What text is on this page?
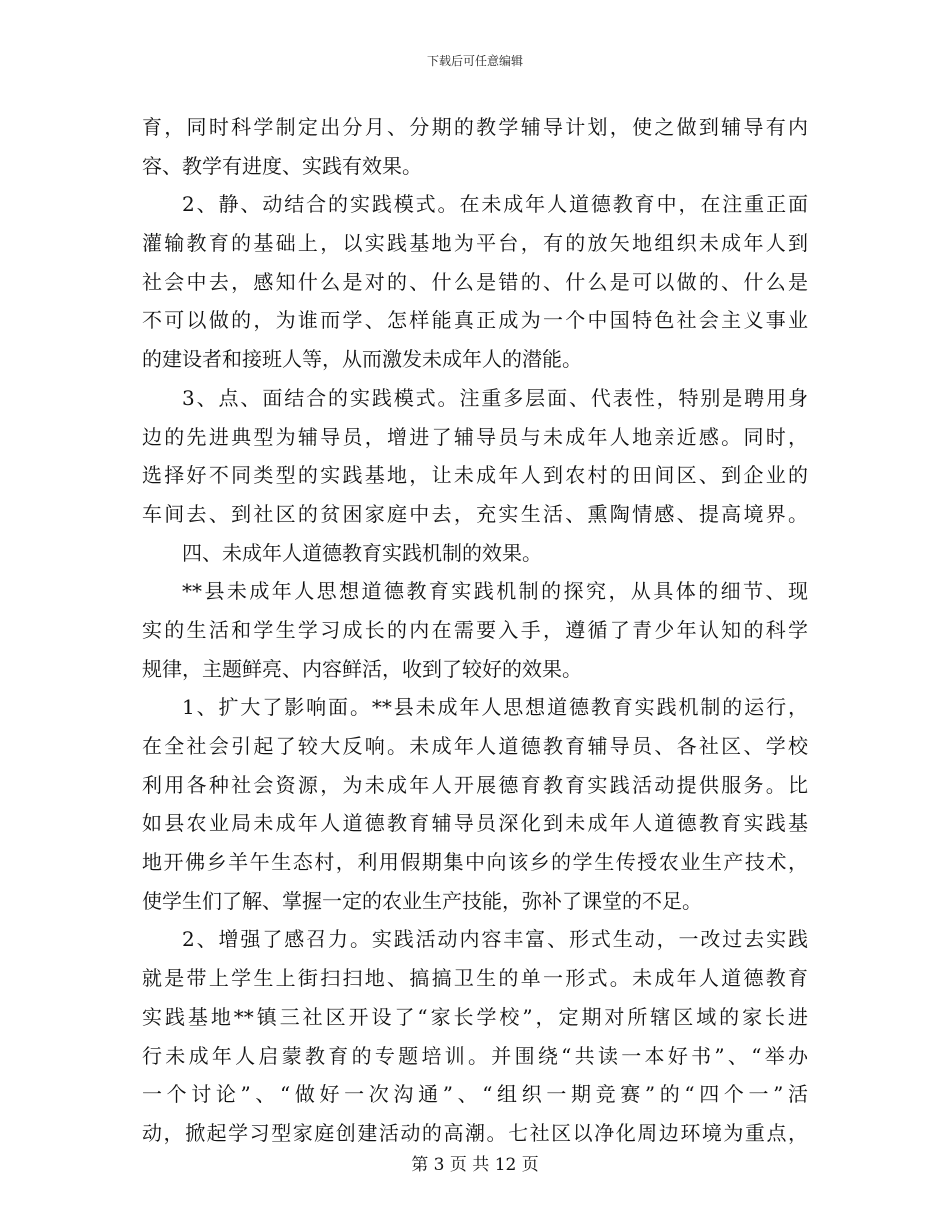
下载后可任意编辑
育，同时科学制定出分月、分期的教学辅导计划，使之做到辅导有内
容、教学有进度、实践有效果。
2、静、动结合的实践模式。在未成年人道德教育中，在注重正面
灌输教育的基础上，以实践基地为平台，有的放矢地组织未成年人到
社会中去，感知什么是对的、什么是错的、什么是可以做的、什么是
不可以做的，为谁而学、怎样能真正成为一个中国特色社会主义事业
的建设者和接班人等，从而激发未成年人的潜能。
3、点、面结合的实践模式。注重多层面、代表性，特别是聘用身
边的先进典型为辅导员，增进了辅导员与未成年人地亲近感。同时，
选择好不同类型的实践基地，让未成年人到农村的田间区、到企业的
车间去、到社区的贫困家庭中去，充实生活、熏陶情感、提高境界。
四、未成年人道德教育实践机制的效果。
**县未成年人思想道德教育实践机制的探究，从具体的细节、现
实的生活和学生学习成长的内在需要入手，遵循了青少年认知的科学
规律，主题鲜亮、内容鲜活，收到了较好的效果。
1、扩大了影响面。**县未成年人思想道德教育实践机制的运行，
在全社会引起了较大反响。未成年人道德教育辅导员、各社区、学校
利用各种社会资源，为未成年人开展德育教育实践活动提供服务。比
如县农业局未成年人道德教育辅导员深化到未成年人道德教育实践基
地开佛乡羊午生态村，利用假期集中向该乡的学生传授农业生产技术，
使学生们了解、掌握一定的农业生产技能，弥补了课堂的不足。
2、增强了感召力。实践活动内容丰富、形式生动，一改过去实践
就是带上学生上街扫扫地、搞搞卫生的单一形式。未成年人道德教育
实践基地**镇三社区开设了“家长学校”，定期对所辖区域的家长进
行未成年人启蒙教育的专题培训。并围绕“共读一本好书”、“举办
一个讨论”、“做好一次沟通”、“组织一期竞赛”的“四个一”活
动，掀起学习型家庭创建活动的高潮。七社区以净化周边环境为重点，
第 3 页 共 12 页
